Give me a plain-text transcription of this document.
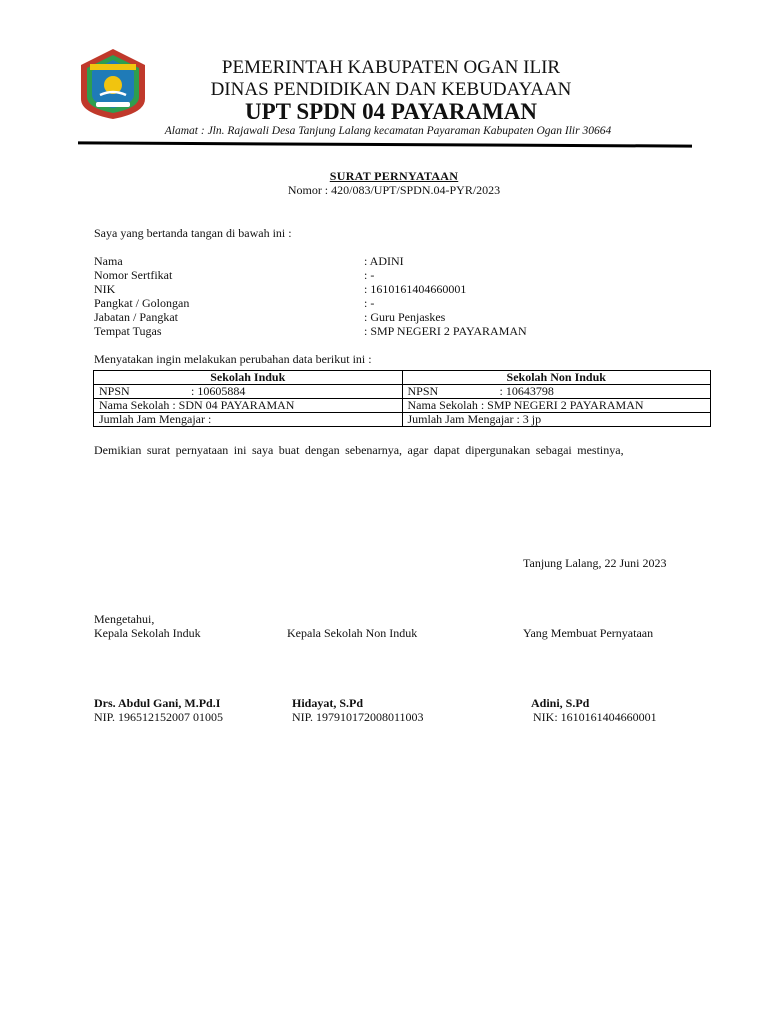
PEMERINTAH KABUPATEN OGAN ILIR
DINAS PENDIDIKAN DAN KEBUDAYAAN
UPT SPDN 04 PAYARAMAN
Alamat : Jln. Rajawali Desa Tanjung Lalang kecamatan Payaraman Kabupaten Ogan Ilir 30664
SURAT PERNYATAAN
Nomor : 420/083/UPT/SPDN.04-PYR/2023
Saya yang bertanda tangan di bawah ini :
Nama	: ADINI
Nomor Sertfikat	: -
NIK	: 1610161404660001
Pangkat / Golongan	: -
Jabatan / Pangkat	: Guru Penjaskes
Tempat Tugas	: SMP NEGERI 2 PAYARAMAN
Menyatakan ingin melakukan perubahan data berikut ini :
Sekolah Induk	Sekolah Non Induk
NPSN : 10605884	NPSN : 10643798
Nama Sekolah : SDN 04 PAYARAMAN	Nama Sekolah : SMP NEGERI 2 PAYARAMAN
Jumlah Jam Mengajar :	Jumlah Jam Mengajar : 3 jp
Demikian surat pernyataan ini saya buat dengan sebenarnya, agar dapat dipergunakan sebagai mestinya,
Tanjung Lalang, 22 Juni 2023
Mengetahui,
Kepala Sekolah Induk	Kepala Sekolah Non Induk	Yang Membuat Pernyataan
Drs. Abdul Gani, M.Pd.I	Hidayat, S.Pd	Adini, S.Pd
NIP. 196512152007 01005	NIP. 197910172008011003	NIK: 1610161404660001
